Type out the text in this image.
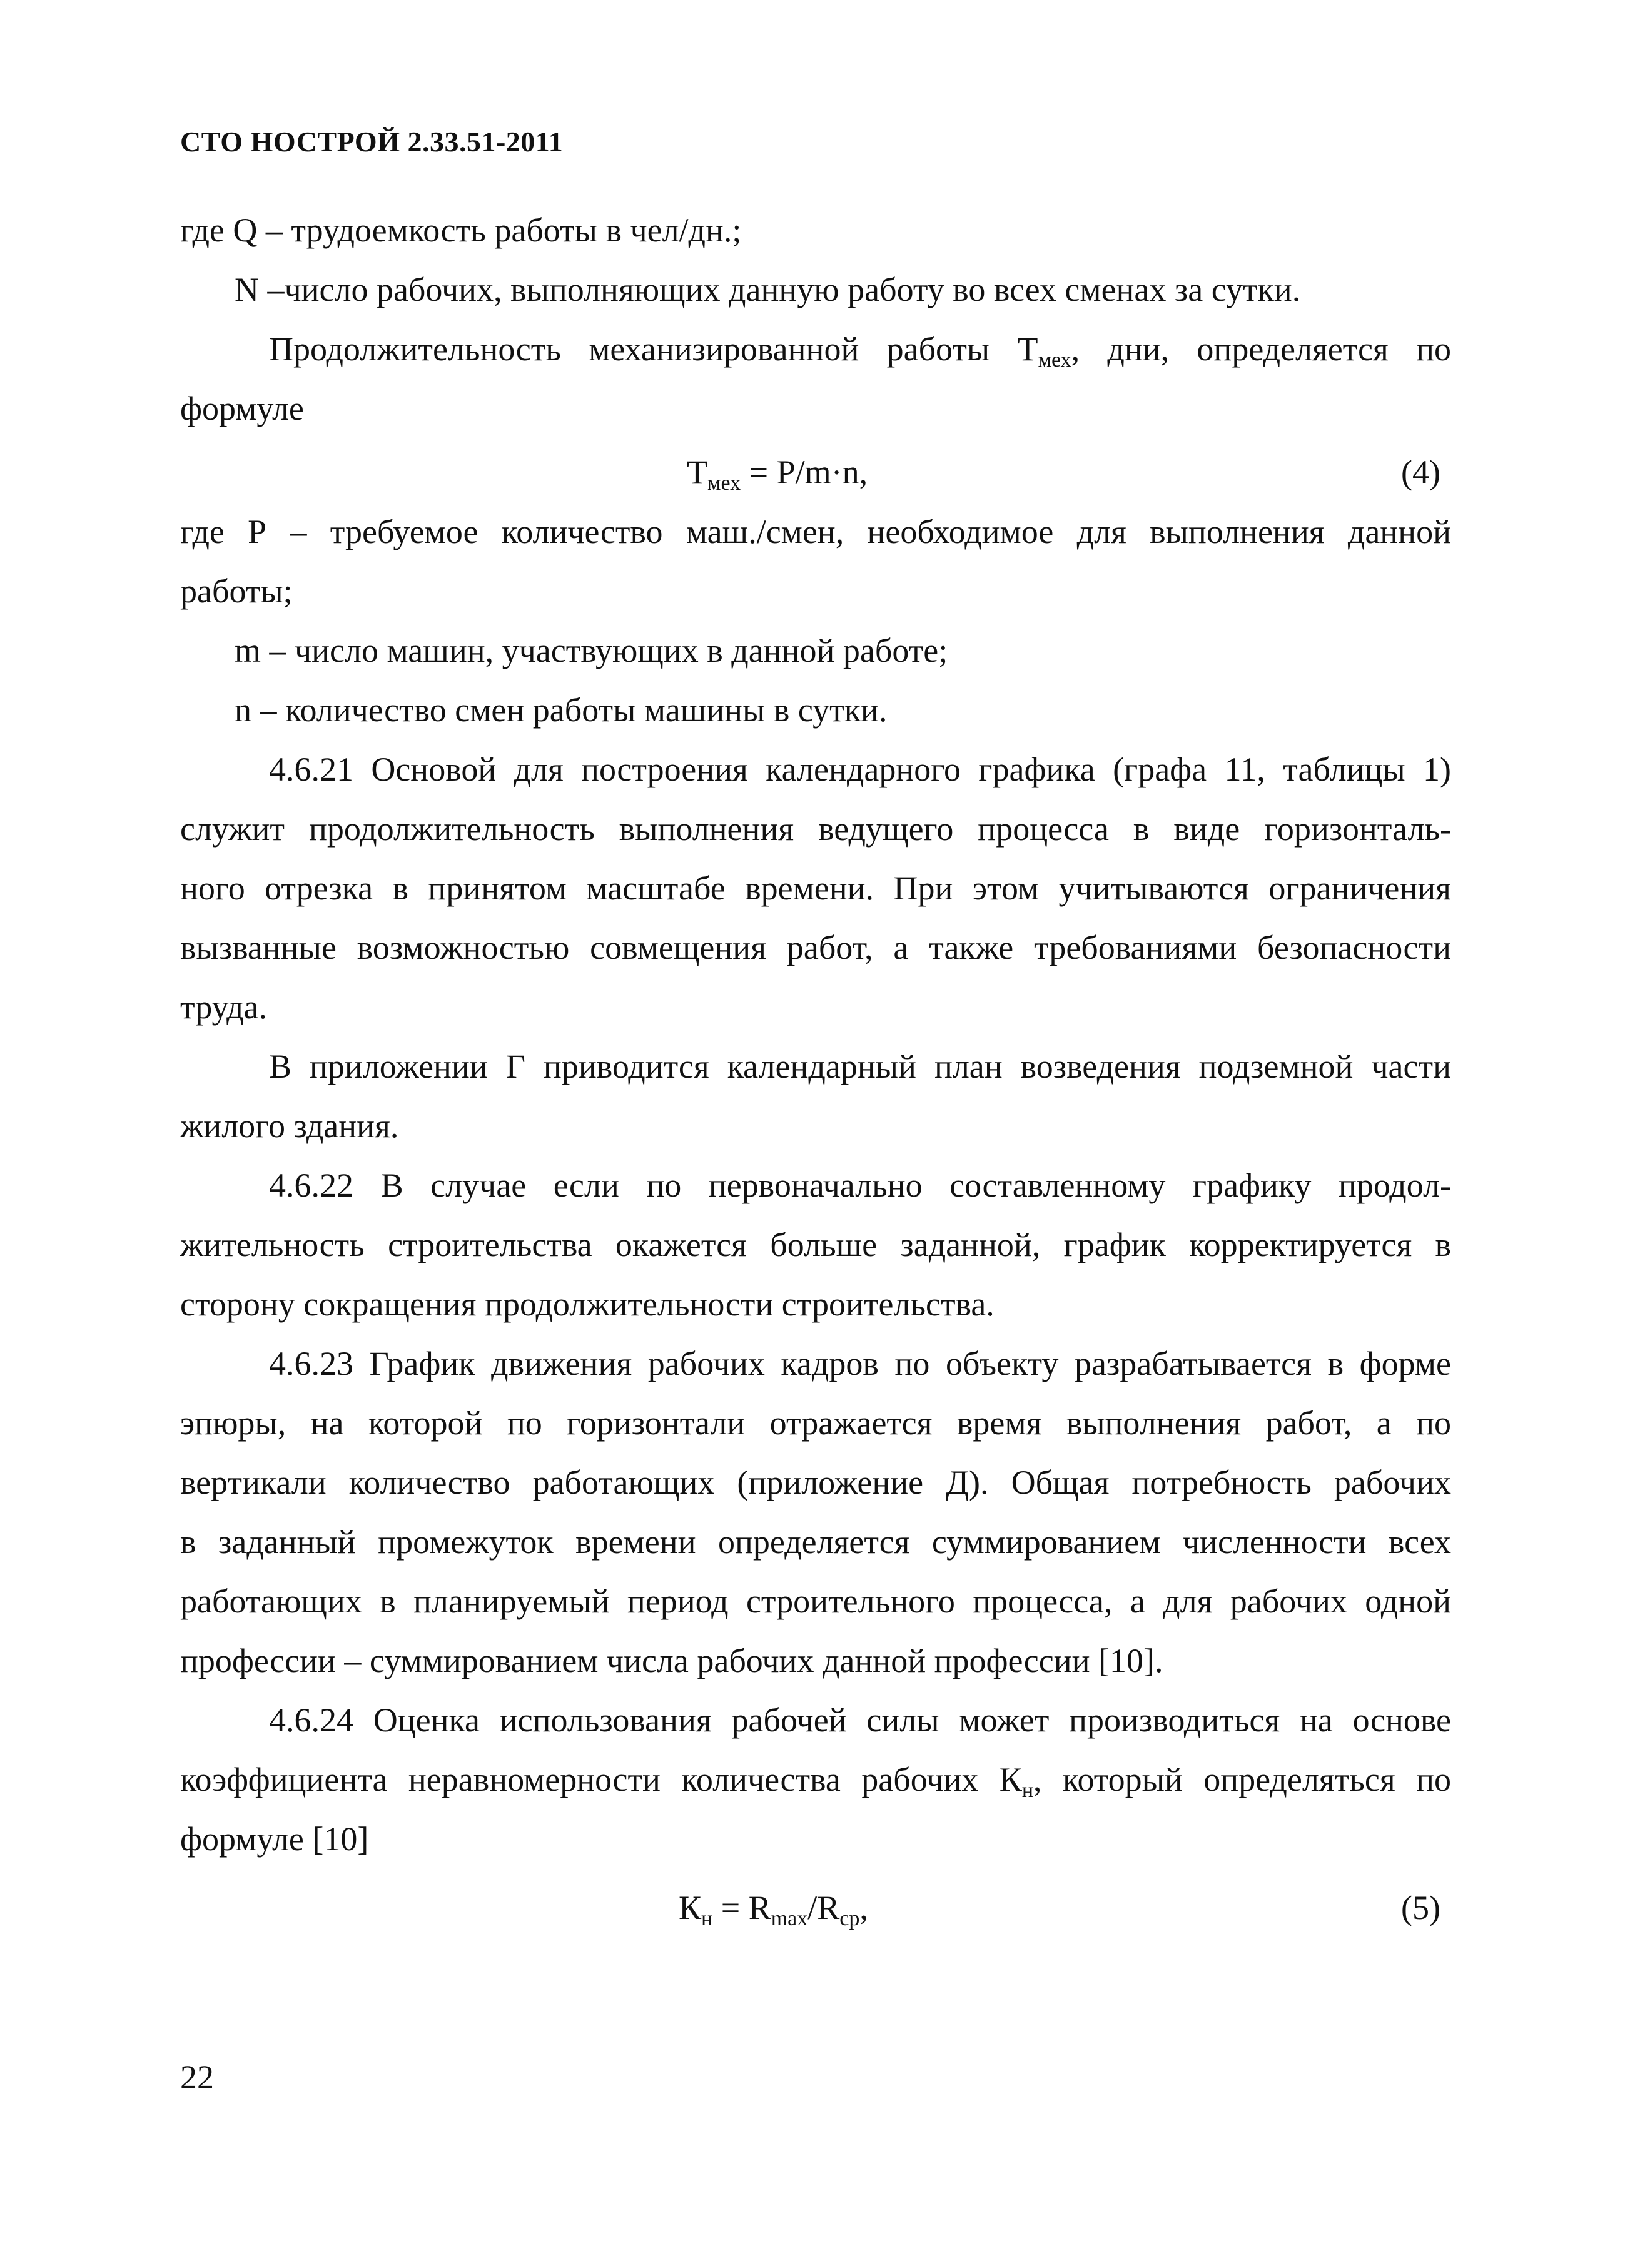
СТО НОСТРОЙ 2.33.51-2011
где Q – трудоемкость работы в чел/дн.;
N –число рабочих, выполняющих данную работу во всех сменах за сутки.
Продолжительность механизированной работы $Т_{мех}$, дни, определяется по
формуле
$Т_{мех} = Р/m\cdot n$,	(4)
где Р – требуемое количество маш./смен, необходимое для выполнения данной
работы;
m – число машин, участвующих в данной работе;
n – количество смен работы машины в сутки.
4.6.21 Основой для построения календарного графика (графа 11, таблицы 1)
служит продолжительность выполнения ведущего процесса в виде горизонталь-
ного отрезка в принятом масштабе времени. При этом учитываются ограничения
вызванные возможностью совмещения работ, а также требованиями безопасности
труда.
В приложении Г приводится календарный план возведения подземной части
жилого здания.
4.6.22 В случае если по первоначально составленному графику продол-
жительность строительства окажется больше заданной, график корректируется в
сторону сокращения продолжительности строительства.
4.6.23 График движения рабочих кадров по объекту разрабатывается в форме
эпюры, на которой по горизонтали отражается время выполнения работ, а по
вертикали количество работающих (приложение Д). Общая потребность рабочих
в заданный промежуток времени определяется суммированием численности всех
работающих в планируемый период строительного процесса, а для рабочих одной
профессии – суммированием числа рабочих данной профессии [10].
4.6.24 Оценка использования рабочей силы может производиться на основе
коэффициента неравномерности количества рабочих $К_н$, который определяться по
формуле [10]
$К_н = R_{max}/R_{ср}$,	(5)
22
